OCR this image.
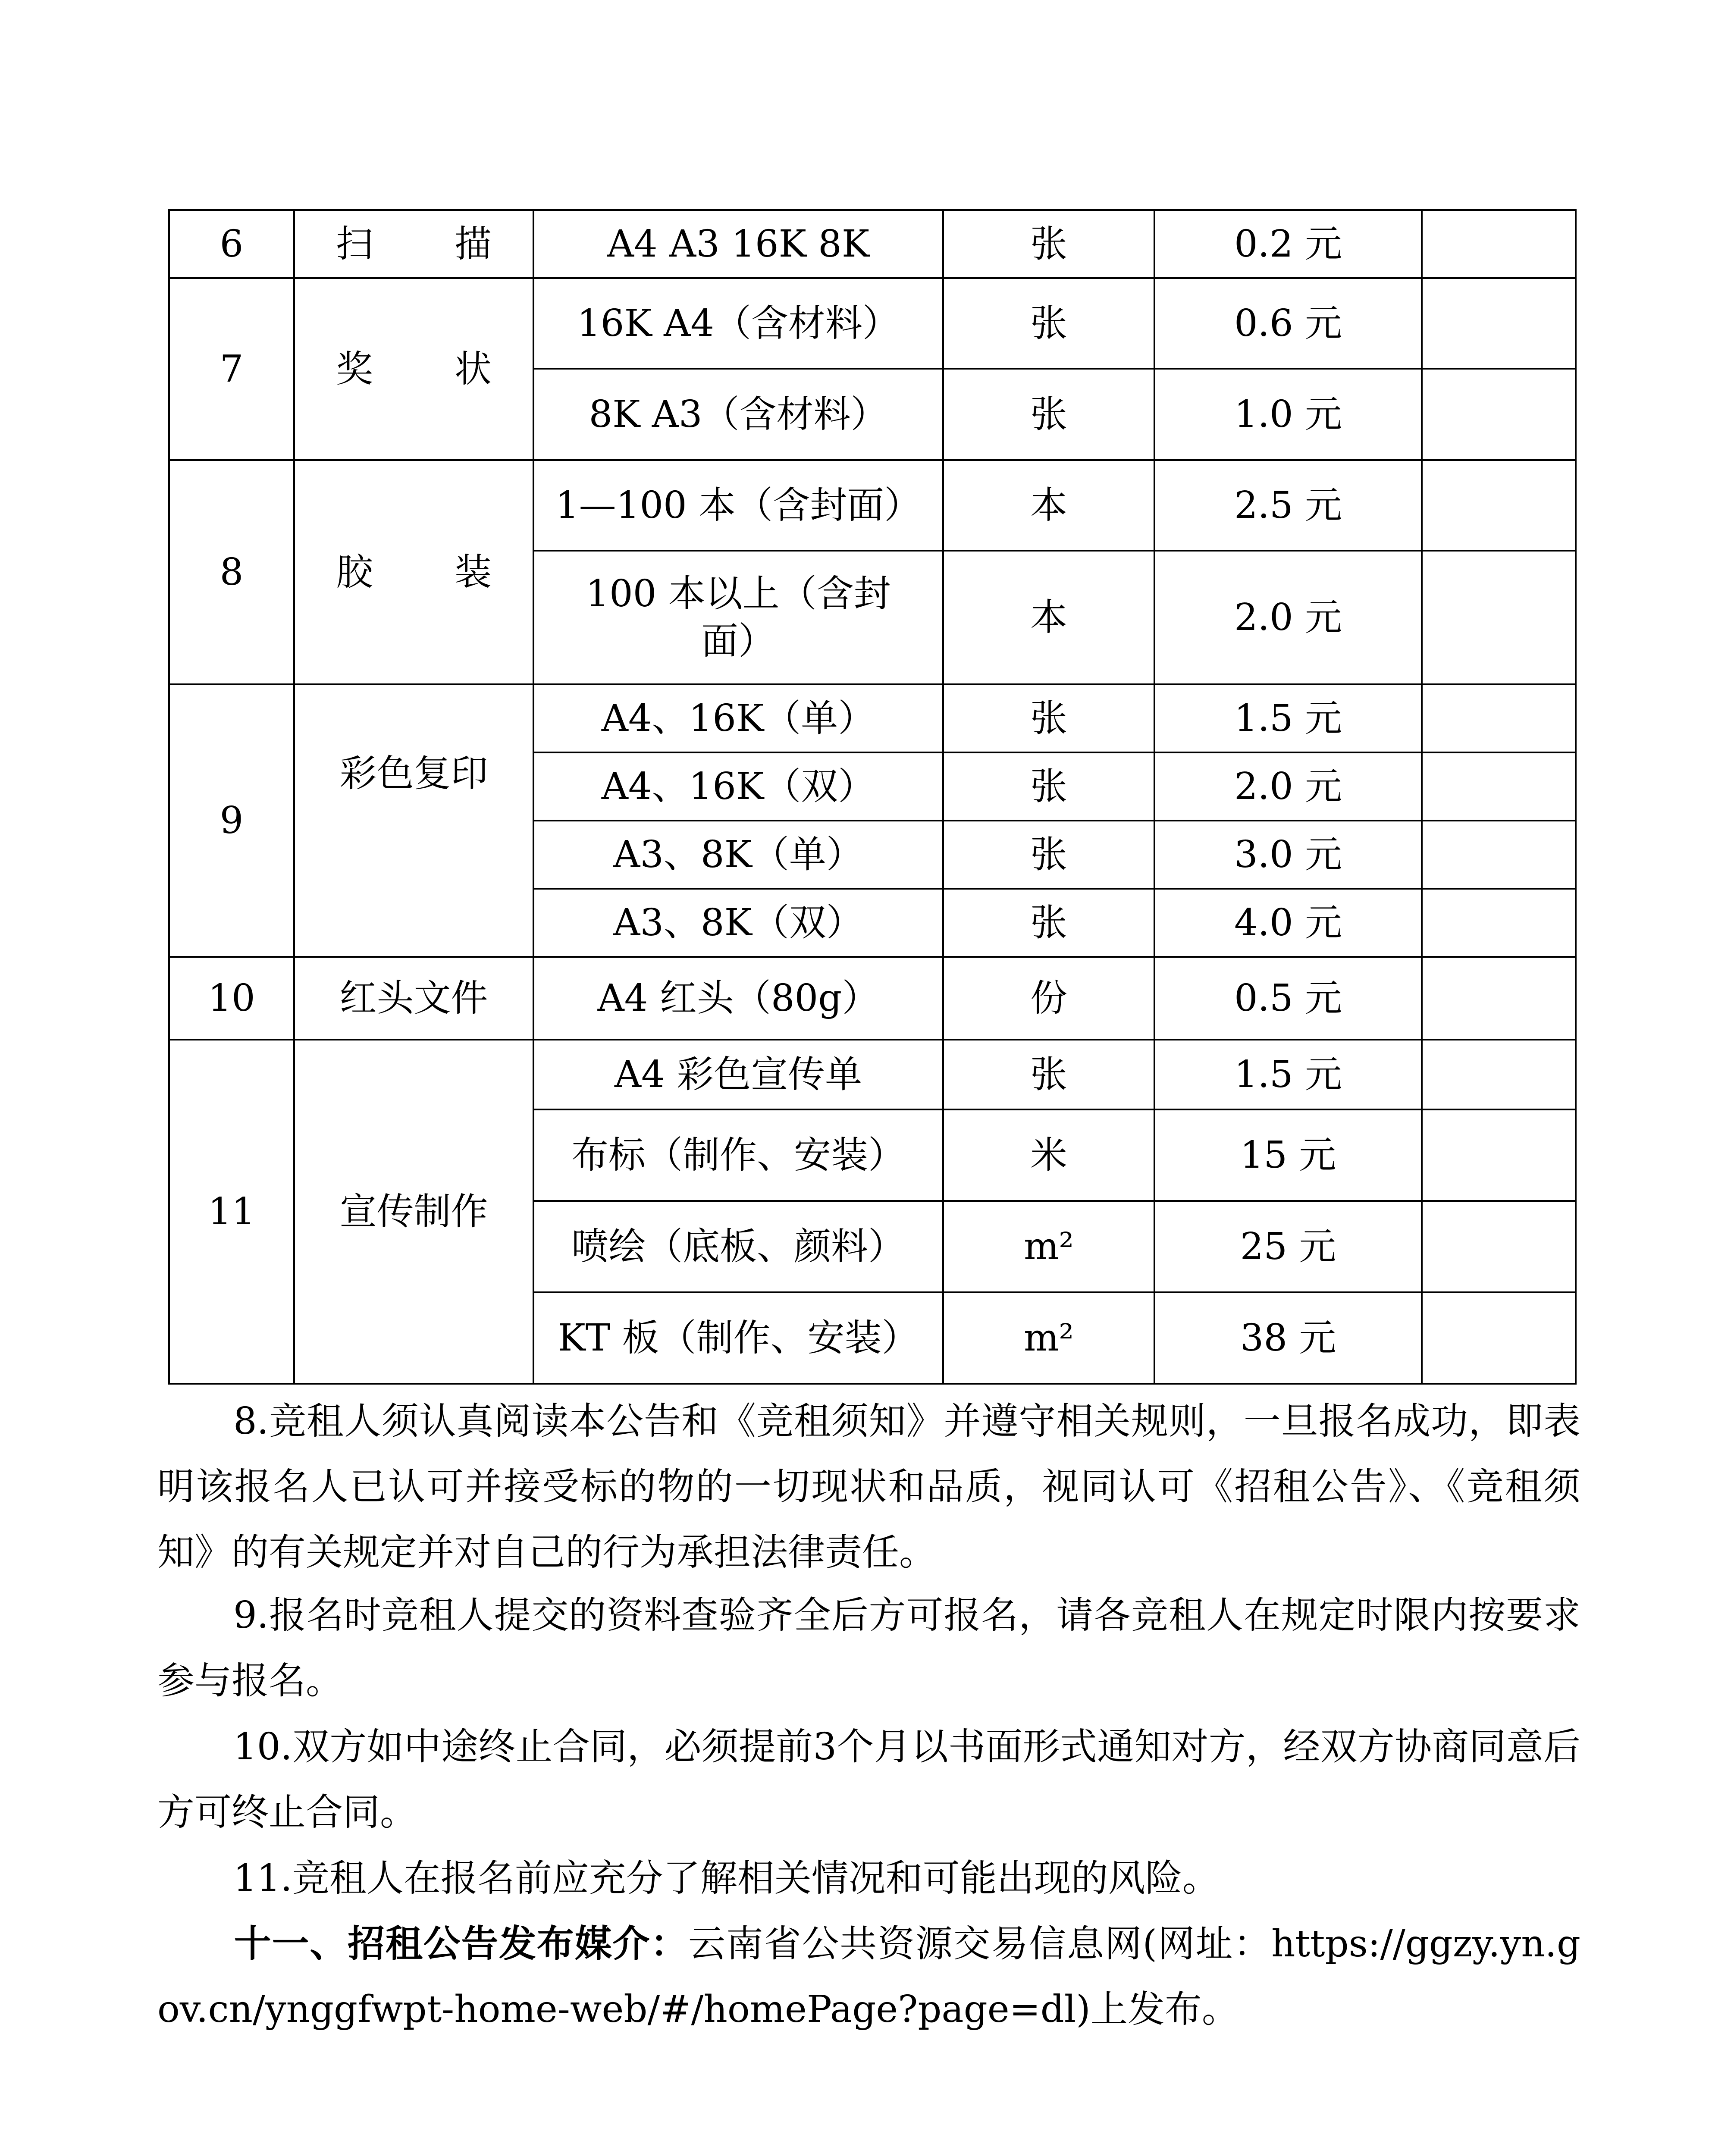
6	扫　描	A4 A3 16K 8K	张	0.2 元	
7	奖　状	16K A4（含材料）	张	0.6 元	
		8K A3（含材料）	张	1.0 元	
8	胶　装	1—100 本（含封面）	本	2.5 元	
		100 本以上（含封面）	本	2.0 元	
9	彩色复印	A4、16K（单）	张	1.5 元	
		A4、16K（双）	张	2.0 元	
		A3、8K（单）	张	3.0 元	
		A3、8K（双）	张	4.0 元	
10	红头文件	A4 红头（80g）	份	0.5 元	
11	宣传制作	A4 彩色宣传单	张	1.5 元	
		布标（制作、安装）	米	15 元	
		喷绘（底板、颜料）	m²	25 元	
		KT 板（制作、安装）	m²	38 元	
8.竞租人须认真阅读本公告和《竞租须知》并遵守相关规则，一旦报名成功，即表明该报名人已认可并接受标的物的一切现状和品质，视同认可《招租公告》、《竞租须知》的有关规定并对自己的行为承担法律责任。
9.报名时竞租人提交的资料查验齐全后方可报名，请各竞租人在规定时限内按要求参与报名。
10.双方如中途终止合同，必须提前3个月以书面形式通知对方，经双方协商同意后方可终止合同。
11.竞租人在报名前应充分了解相关情况和可能出现的风险。
十一、招租公告发布媒介：云南省公共资源交易信息网(网址：https://ggzy.yn.gov.cn/ynggfwpt-home-web/#/homePage?page=dl)上发布。
